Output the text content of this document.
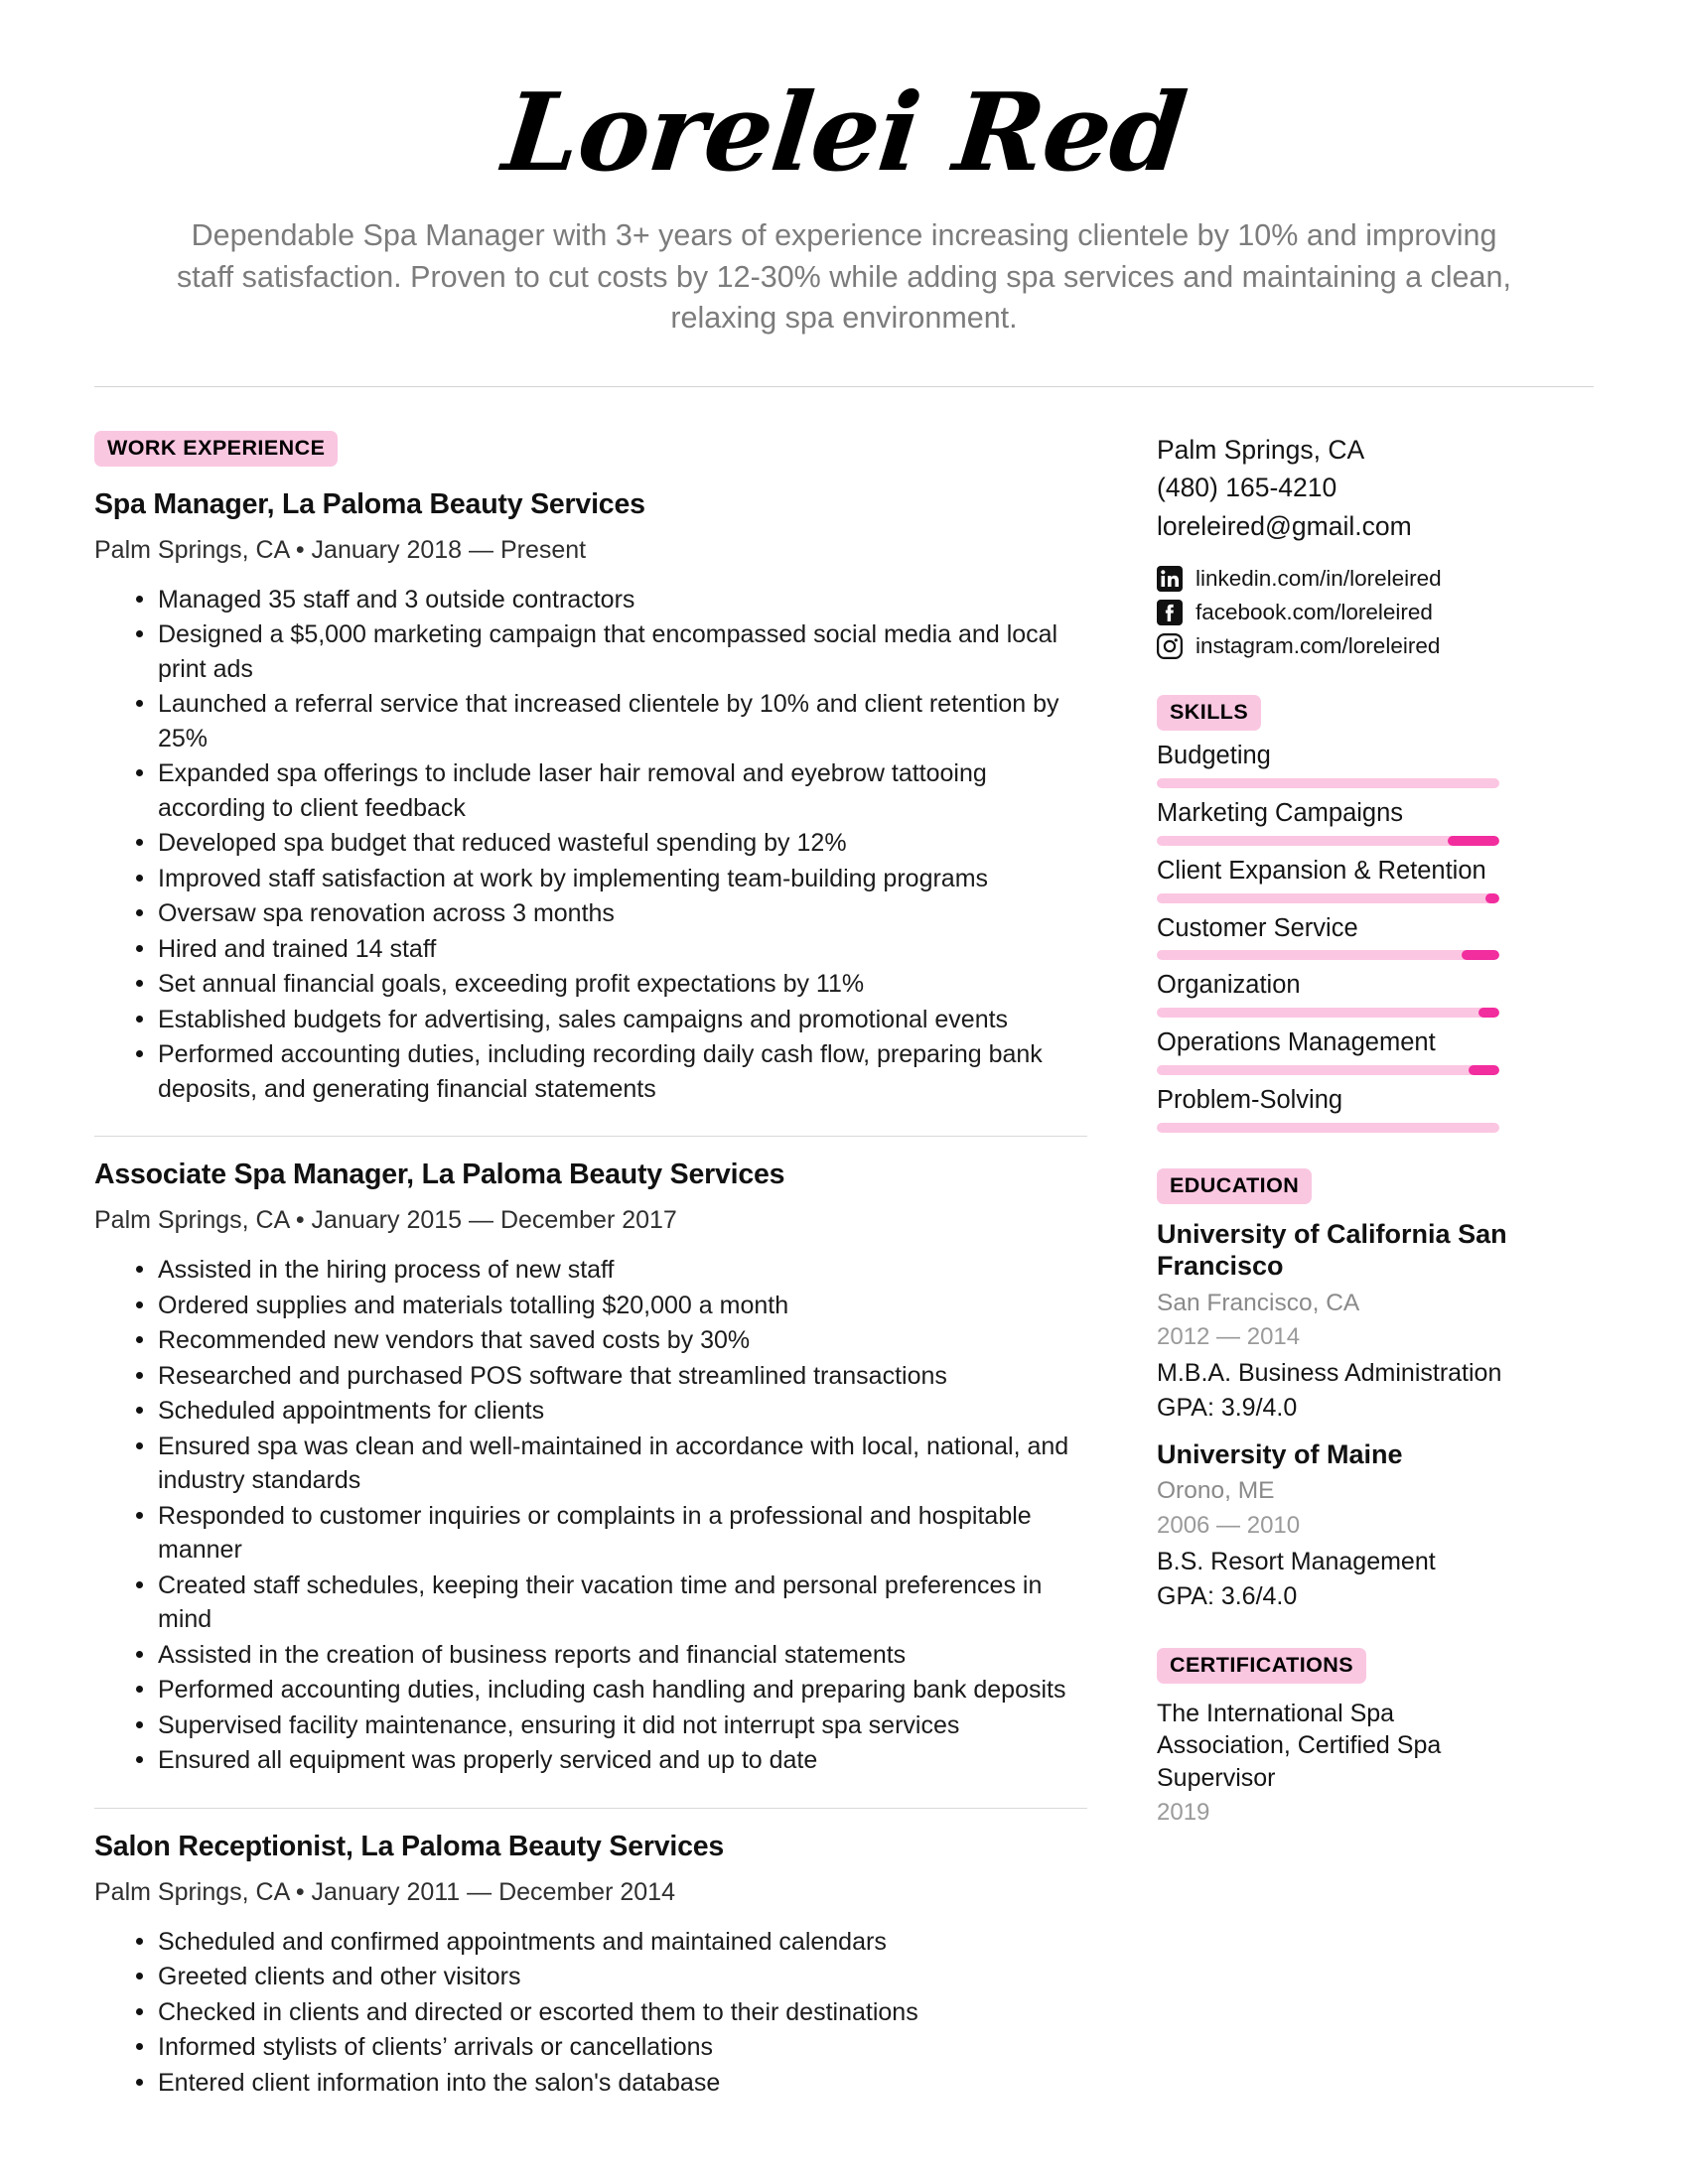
Lorelei Red
Dependable Spa Manager with 3+ years of experience increasing clientele by 10% and improving staff satisfaction. Proven to cut costs by 12-30% while adding spa services and maintaining a clean, relaxing spa environment.
WORK EXPERIENCE
Spa Manager, La Paloma Beauty Services
Palm Springs, CA • January 2018 — Present
Managed 35 staff and 3 outside contractors
Designed a $5,000 marketing campaign that encompassed social media and local print ads
Launched a referral service that increased clientele by 10% and client retention by 25%
Expanded spa offerings to include laser hair removal and eyebrow tattooing according to client feedback
Developed spa budget that reduced wasteful spending by 12%
Improved staff satisfaction at work by implementing team-building programs
Oversaw spa renovation across 3 months
Hired and trained 14 staff
Set annual financial goals, exceeding profit expectations by 11%
Established budgets for advertising, sales campaigns and promotional events
Performed accounting duties, including recording daily cash flow, preparing bank deposits, and generating financial statements
Associate Spa Manager, La Paloma Beauty Services
Palm Springs, CA • January 2015 — December 2017
Assisted in the hiring process of new staff
Ordered supplies and materials totalling $20,000 a month
Recommended new vendors that saved costs by 30%
Researched and purchased POS software that streamlined transactions
Scheduled appointments for clients
Ensured spa was clean and well-maintained in accordance with local, national, and industry standards
Responded to customer inquiries or complaints in a professional and hospitable manner
Created staff schedules, keeping their vacation time and personal preferences in mind
Assisted in the creation of business reports and financial statements
Performed accounting duties, including cash handling and preparing bank deposits
Supervised facility maintenance, ensuring it did not interrupt spa services
Ensured all equipment was properly serviced and up to date
Salon Receptionist, La Paloma Beauty Services
Palm Springs, CA • January 2011 — December 2014
Scheduled and confirmed appointments and maintained calendars
Greeted clients and other visitors
Checked in clients and directed or escorted them to their destinations
Informed stylists of clients’ arrivals or cancellations
Entered client information into the salon's database
Palm Springs, CA
(480) 165-4210
loreleired@gmail.com
linkedin.com/in/loreleired
facebook.com/loreleired
instagram.com/loreleired
SKILLS
Budgeting
Marketing Campaigns
Client Expansion & Retention
Customer Service
Organization
Operations Management
Problem-Solving
EDUCATION
University of California San Francisco
San Francisco, CA
2012 — 2014
M.B.A. Business Administration
GPA: 3.9/4.0
University of Maine
Orono, ME
2006 — 2010
B.S. Resort Management
GPA: 3.6/4.0
CERTIFICATIONS
The International Spa Association, Certified Spa Supervisor
2019
